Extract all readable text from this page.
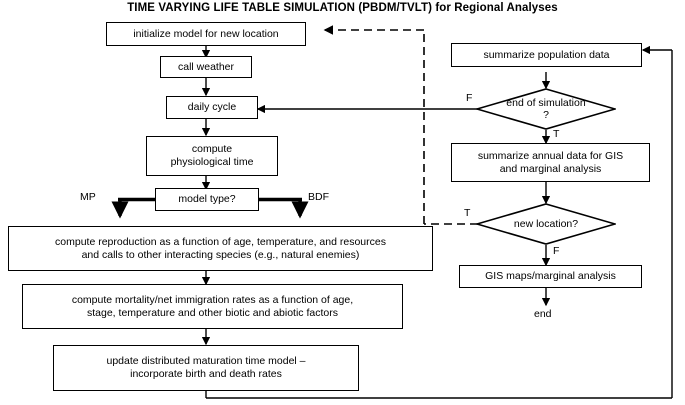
TIME VARYING LIFE TABLE SIMULATION (PBDM/TVLT) for Regional Analyses
initialize model for new location
call weather
daily cycle
compute
physiological time
model type?
MP	BDF
compute reproduction as a function of age, temperature, and resources
and calls to other interacting species (e.g., natural enemies)
compute mortality/net immigration rates as a function of age,
stage, temperature and other biotic and abiotic factors
update distributed maturation time model –
incorporate birth and death rates
summarize population data
end of simulation
?
F
T
summarize annual data for GIS
and marginal analysis
new location?
T
F
GIS maps/marginal analysis
end
